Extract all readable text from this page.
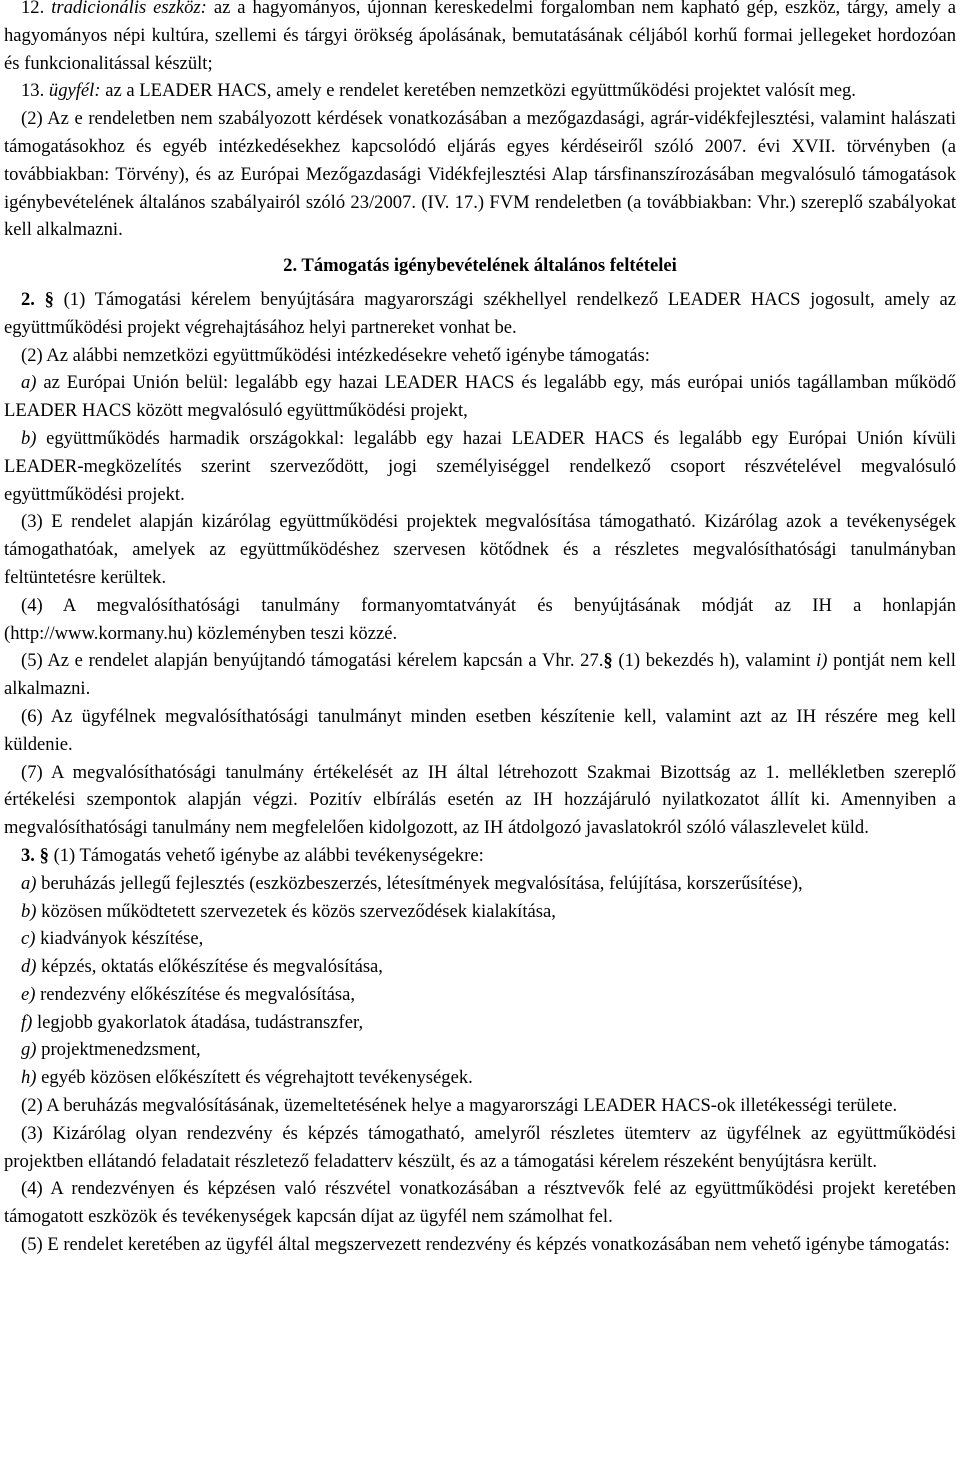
12. tradicionális eszköz: az a hagyományos, újonnan kereskedelmi forgalomban nem kapható gép, eszköz, tárgy, amely a hagyományos népi kultúra, szellemi és tárgyi örökség ápolásának, bemutatásának céljából korhű formai jellegeket hordozóan és funkcionalitással készült;

13. ügyfél: az a LEADER HACS, amely e rendelet keretében nemzetközi együttműködési projektet valósít meg.

(2) Az e rendeletben nem szabályozott kérdések vonatkozásában a mezőgazdasági, agrár-vidékfejlesztési, valamint halászati támogatásokhoz és egyéb intézkedésekhez kapcsolódó eljárás egyes kérdéseiről szóló 2007. évi XVII. törvényben (a továbbiakban: Törvény), és az Európai Mezőgazdasági Vidékfejlesztési Alap társfinanszírozásában megvalósuló támogatások igénybevételének általános szabályairól szóló 23/2007. (IV. 17.) FVM rendeletben (a továbbiakban: Vhr.) szereplő szabályokat kell alkalmazni.

2. Támogatás igénybevételének általános feltételei

2. § (1) Támogatási kérelem benyújtására magyarországi székhellyel rendelkező LEADER HACS jogosult, amely az együttműködési projekt végrehajtásához helyi partnereket vonhat be.

(2) Az alábbi nemzetközi együttműködési intézkedésekre vehető igénybe támogatás:

a) az Európai Unión belül: legalább egy hazai LEADER HACS és legalább egy, más európai uniós tagállamban működő LEADER HACS között megvalósuló együttműködési projekt,

b) együttműködés harmadik országokkal: legalább egy hazai LEADER HACS és legalább egy Európai Unión kívüli LEADER-megközelítés szerint szerveződött, jogi személyiséggel rendelkező csoport részvételével megvalósuló együttműködési projekt.

(3) E rendelet alapján kizárólag együttműködési projektek megvalósítása támogatható. Kizárólag azok a tevékenységek támogathatóak, amelyek az együttműködéshez szervesen kötődnek és a részletes megvalósíthatósági tanulmányban feltüntetésre kerültek.

(4) A megvalósíthatósági tanulmány formanyomtatványát és benyújtásának módját az IH a honlapján (http://www.kormany.hu) közleményben teszi közzé.

(5) Az e rendelet alapján benyújtandó támogatási kérelem kapcsán a Vhr. 27.§ (1) bekezdés h), valamint i) pontját nem kell alkalmazni.

(6) Az ügyfélnek megvalósíthatósági tanulmányt minden esetben készítenie kell, valamint azt az IH részére meg kell küldenie.

(7) A megvalósíthatósági tanulmány értékelését az IH által létrehozott Szakmai Bizottság az 1. mellékletben szereplő értékelési szempontok alapján végzi. Pozitív elbírálás esetén az IH hozzájáruló nyilatkozatot állít ki. Amennyiben a megvalósíthatósági tanulmány nem megfelelően kidolgozott, az IH átdolgozó javaslatokról szóló válaszlevelet küld.

3. § (1) Támogatás vehető igénybe az alábbi tevékenységekre:

a) beruházás jellegű fejlesztés (eszközbeszerzés, létesítmények megvalósítása, felújítása, korszerűsítése),

b) közösen működtetett szervezetek és közös szerveződések kialakítása,

c) kiadványok készítése,

d) képzés, oktatás előkészítése és megvalósítása,

e) rendezvény előkészítése és megvalósítása,

f) legjobb gyakorlatok átadása, tudástranszfer,

g) projektmenedzsment,

h) egyéb közösen előkészített és végrehajtott tevékenységek.

(2) A beruházás megvalósításának, üzemeltetésének helye a magyarországi LEADER HACS-ok illetékességi területe.

(3) Kizárólag olyan rendezvény és képzés támogatható, amelyről részletes ütemterv az ügyfélnek az együttműködési projektben ellátandó feladatait részletező feladatterv készült, és az a támogatási kérelem részeként benyújtásra került.

(4) A rendezvényen és képzésen való részvétel vonatkozásában a résztvevők felé az együttműködési projekt keretében támogatott eszközök és tevékenységek kapcsán díjat az ügyfél nem számolhat fel.

(5) E rendelet keretében az ügyfél által megszervezett rendezvény és képzés vonatkozásában nem vehető igénybe támogatás:
